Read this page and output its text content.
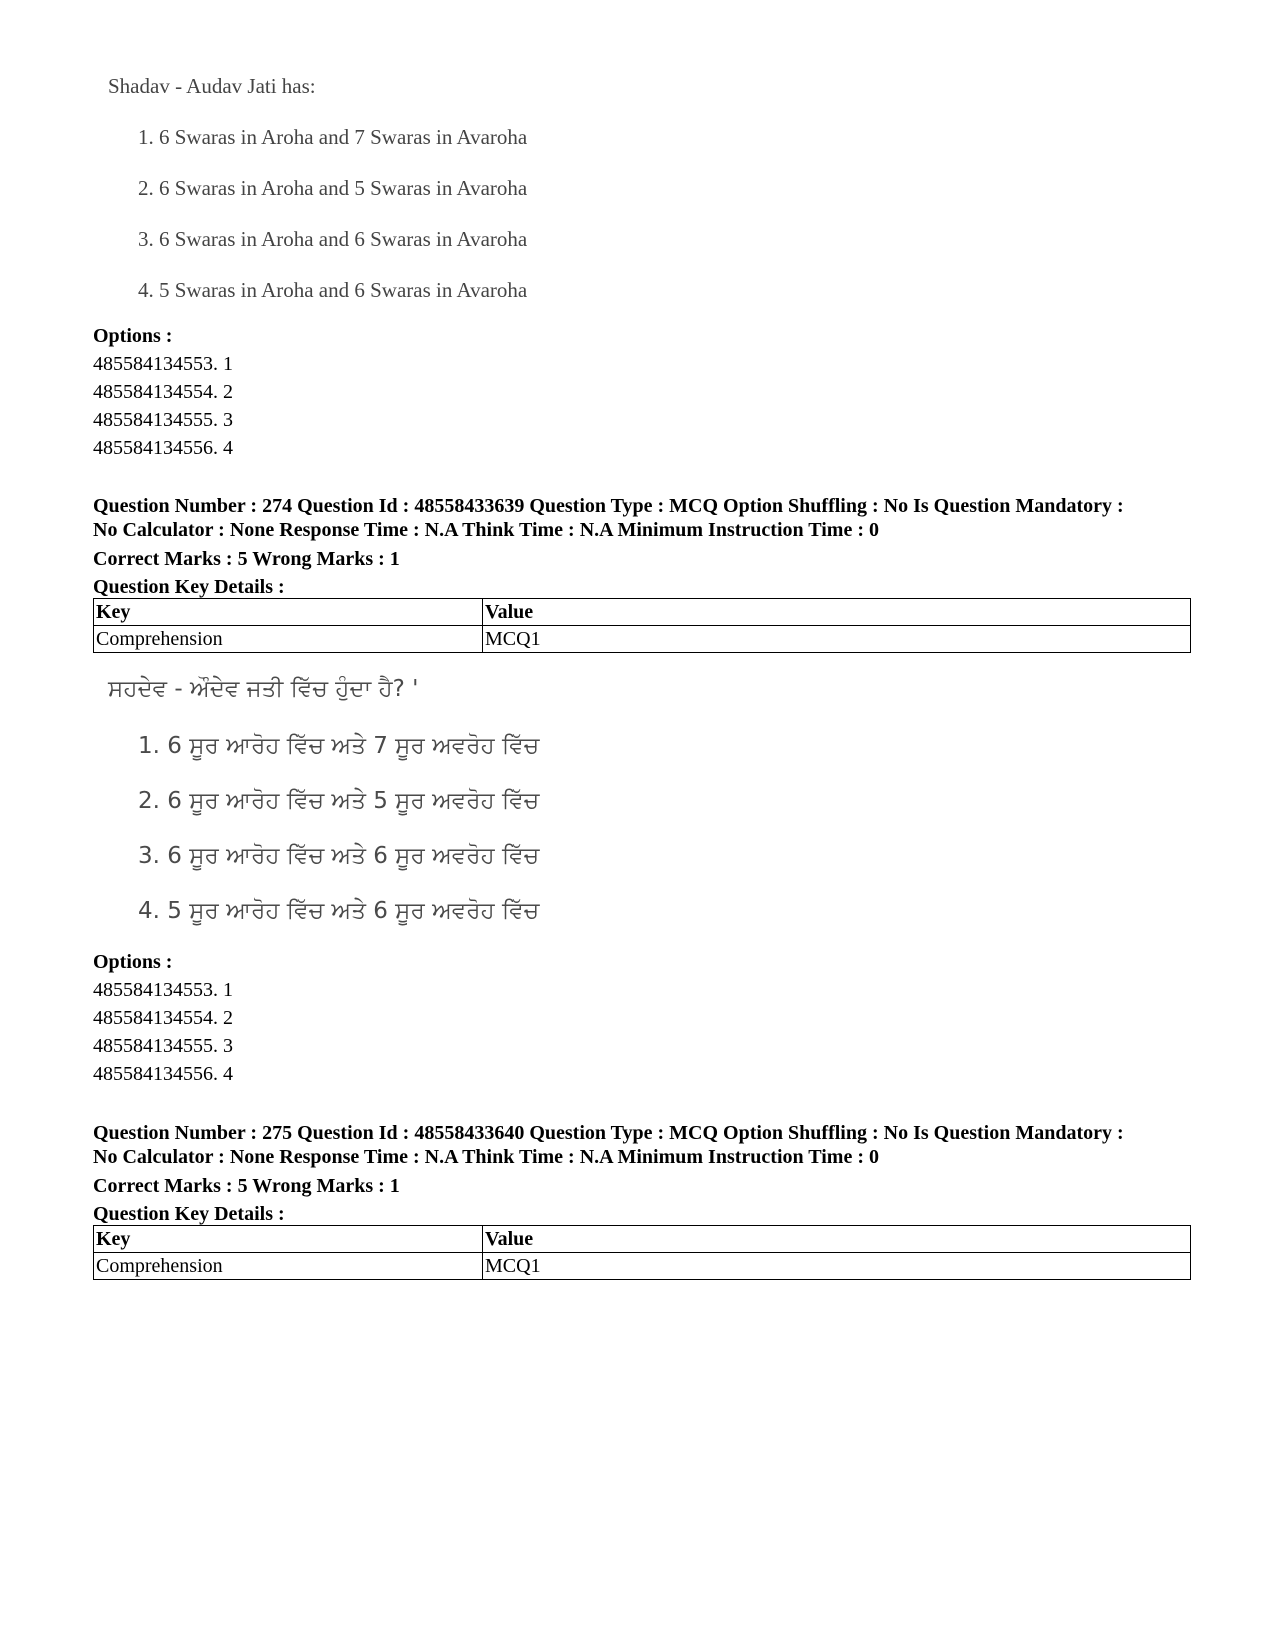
Shadav - Audav Jati has:
1. 6 Swaras in Aroha and 7 Swaras in Avaroha
2. 6 Swaras in Aroha and 5 Swaras in Avaroha
3. 6 Swaras in Aroha and 6 Swaras in Avaroha
4. 5 Swaras in Aroha and 6 Swaras in Avaroha
Options :
485584134553. 1
485584134554. 2
485584134555. 3
485584134556. 4
Question Number : 274 Question Id : 48558433639 Question Type : MCQ Option Shuffling : No Is Question Mandatory :
No Calculator : None Response Time : N.A Think Time : N.A Minimum Instruction Time : 0
Correct Marks : 5 Wrong Marks : 1
Question Key Details :
Key	Value
Comprehension	MCQ1
ਸਹਦੇਵ - ਔਦੇਵ ਜਤੀ ਵਿੱਚ ਹੁੰਦਾ ਹੈ? '
1. 6 ਸੂਰ ਆਰੋਹ ਵਿੱਚ ਅਤੇ 7 ਸੂਰ ਅਵਰੋਹ ਵਿੱਚ
2. 6 ਸੂਰ ਆਰੋਹ ਵਿੱਚ ਅਤੇ 5 ਸੂਰ ਅਵਰੋਹ ਵਿੱਚ
3. 6 ਸੂਰ ਆਰੋਹ ਵਿੱਚ ਅਤੇ 6 ਸੂਰ ਅਵਰੋਹ ਵਿੱਚ
4. 5 ਸੂਰ ਆਰੋਹ ਵਿੱਚ ਅਤੇ 6 ਸੂਰ ਅਵਰੋਹ ਵਿੱਚ
Options :
485584134553. 1
485584134554. 2
485584134555. 3
485584134556. 4
Question Number : 275 Question Id : 48558433640 Question Type : MCQ Option Shuffling : No Is Question Mandatory :
No Calculator : None Response Time : N.A Think Time : N.A Minimum Instruction Time : 0
Correct Marks : 5 Wrong Marks : 1
Question Key Details :
Key	Value
Comprehension	MCQ1
